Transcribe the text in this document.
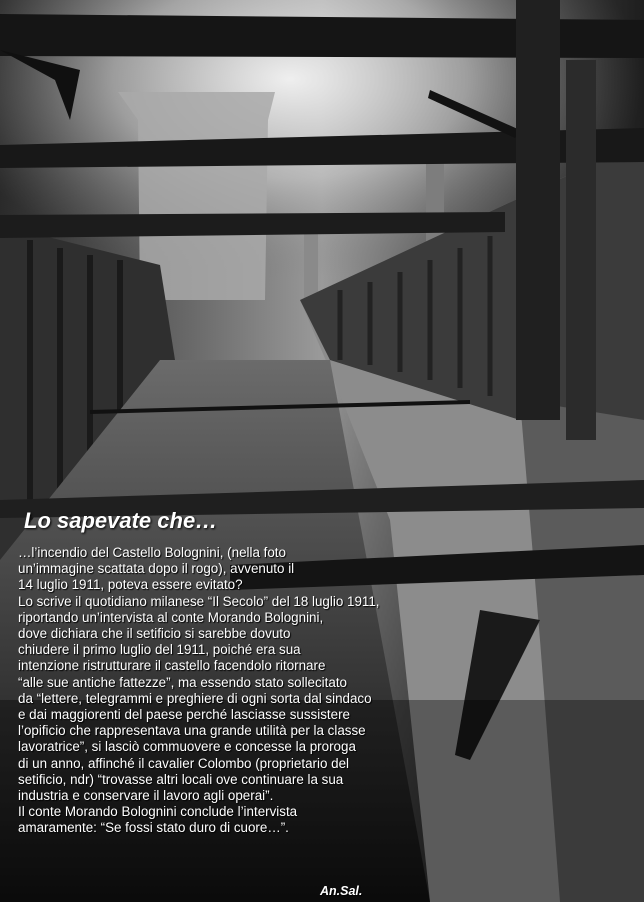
Lo sapevate che…
…l’incendio del Castello Bolognini, (nella foto
un’immagine scattata dopo il rogo), avvenuto il
14 luglio 1911, poteva essere evitato?
Lo scrive il quotidiano milanese “Il Secolo” del 18 luglio 1911,
riportando un’intervista al conte Morando Bolognini,
dove dichiara che il setificio si sarebbe dovuto
chiudere il primo luglio del 1911, poiché era sua
intenzione ristrutturare il castello facendolo ritornare
“alle sue antiche fattezze”, ma essendo stato sollecitato
da “lettere, telegrammi e preghiere di ogni sorta dal sindaco
e dai maggiorenti del paese perché lasciasse sussistere
l’opificio che rappresentava una grande utilità per la classe
lavoratrice”, si lasciò commuovere e concesse la proroga
di un anno, affinché il cavalier Colombo (proprietario del
setificio, ndr) “trovasse altri locali ove continuare la sua
industria e conservare il lavoro agli operai”.
Il conte Morando Bolognini conclude l’intervista
amaramente: “Se fossi stato duro di cuore…”.
An.Sal.
